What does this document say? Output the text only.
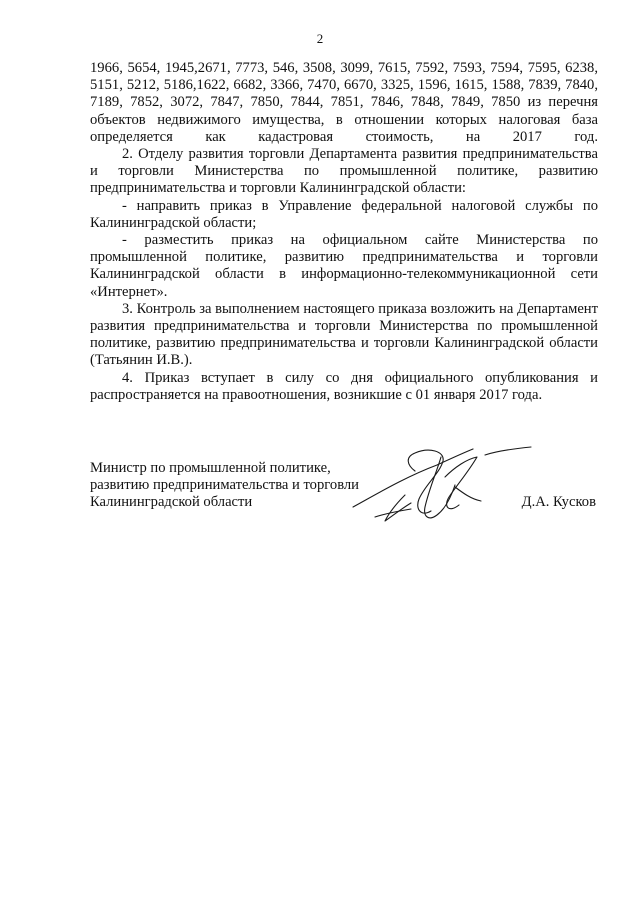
2

1966, 5654, 1945,2671, 7773, 546, 3508, 3099, 7615, 7592, 7593, 7594, 7595, 6238, 5151, 5212, 5186,1622, 6682, 3366, 7470, 6670, 3325, 1596, 1615, 1588, 7839, 7840, 7189, 7852, 3072, 7847, 7850, 7844, 7851, 7846, 7848, 7849, 7850 из перечня объектов недвижимого имущества, в отношении которых налоговая база определяется как кадастровая стоимость, на 2017 год.

2. Отделу развития торговли Департамента развития предпринимательства и торговли Министерства по промышленной политике, развитию предпринимательства и торговли Калининградской области:

- направить приказ в Управление федеральной налоговой службы по Калининградской области;

- разместить приказ на официальном сайте Министерства по промышленной политике, развитию предпринимательства и торговли Калининградской области в информационно-телекоммуникационной сети «Интернет».

3. Контроль за выполнением настоящего приказа возложить на Департамент развития предпринимательства и торговли Министерства по промышленной политике, развитию предпринимательства и торговли Калининградской области (Татьянин И.В.).

4. Приказ вступает в силу со дня официального опубликования и распространяется на правоотношения, возникшие с 01 января 2017 года.

Министр по промышленной политике,
развитию предпринимательства и торговли
Калининградской области	Д.А. Кусков
